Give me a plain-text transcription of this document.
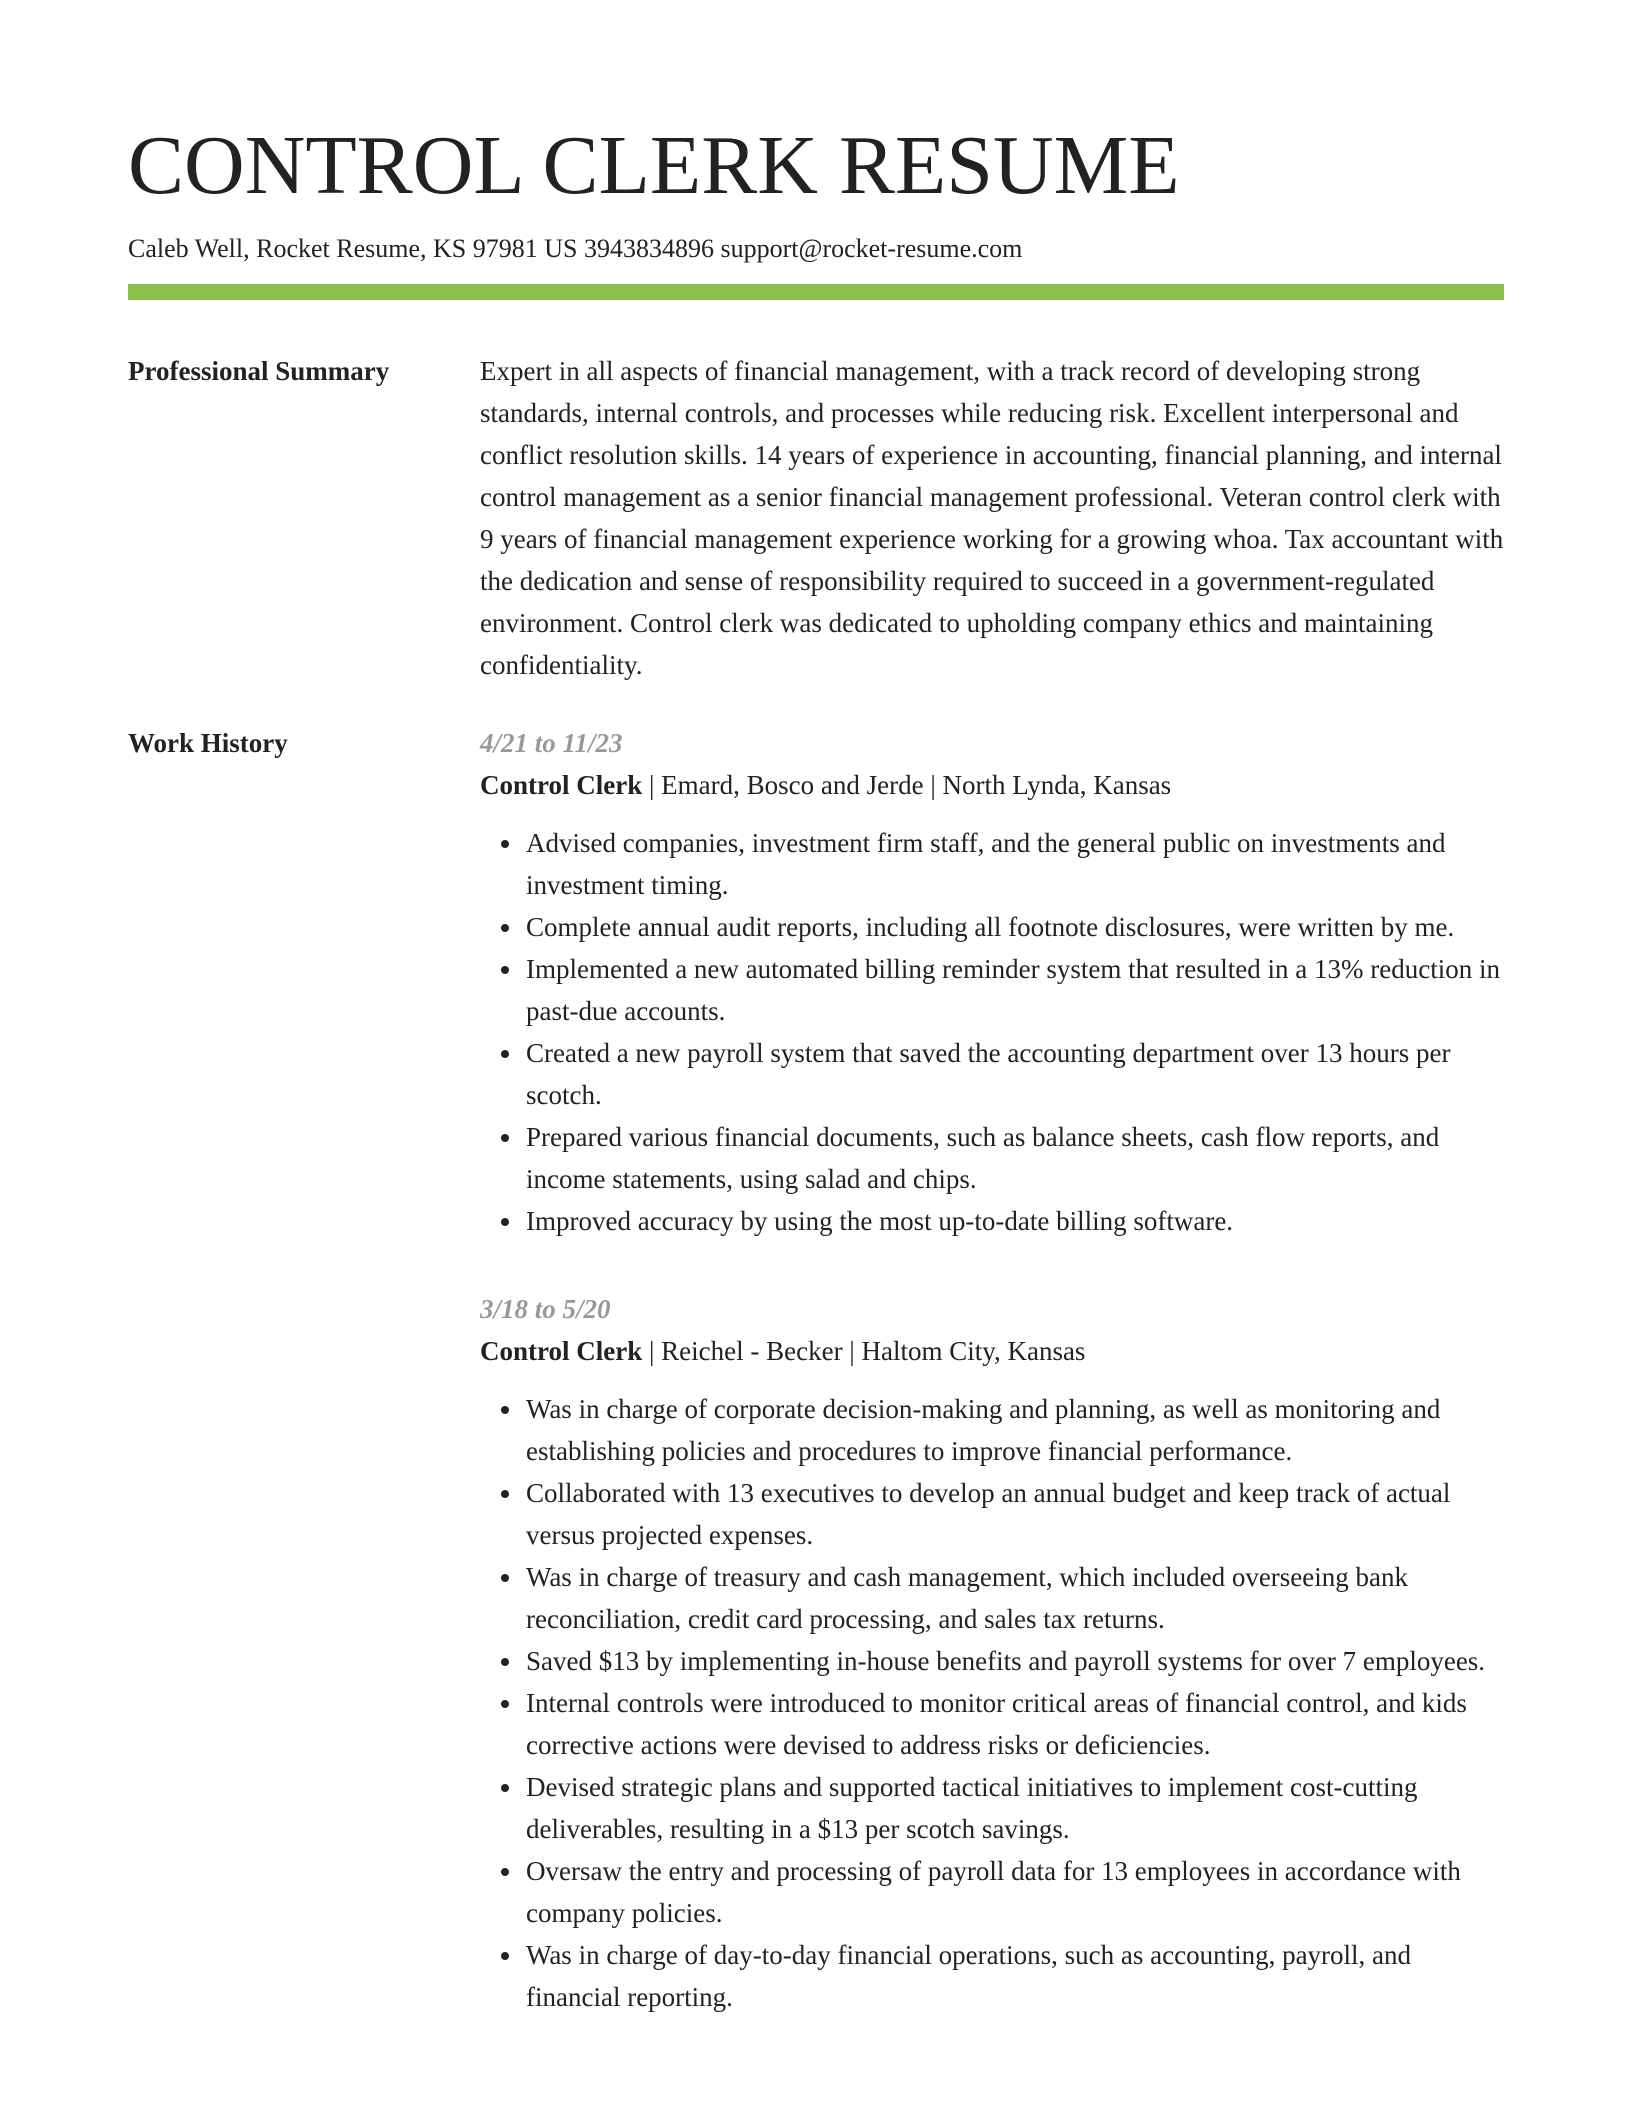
CONTROL CLERK RESUME
Caleb Well, Rocket Resume, KS 97981 US 3943834896 support@rocket-resume.com
Professional Summary	Expert in all aspects of financial management, with a track record of developing strong standards, internal controls, and processes while reducing risk. Excellent interpersonal and conflict resolution skills. 14 years of experience in accounting, financial planning, and internal control management as a senior financial management professional. Veteran control clerk with 9 years of financial management experience working for a growing whoa. Tax accountant with the dedication and sense of responsibility required to succeed in a government-regulated environment. Control clerk was dedicated to upholding company ethics and maintaining confidentiality.

Work History	4/21 to 11/23
Control Clerk | Emard, Bosco and Jerde | North Lynda, Kansas
• Advised companies, investment firm staff, and the general public on investments and investment timing.
• Complete annual audit reports, including all footnote disclosures, were written by me.
• Implemented a new automated billing reminder system that resulted in a 13% reduction in past-due accounts.
• Created a new payroll system that saved the accounting department over 13 hours per scotch.
• Prepared various financial documents, such as balance sheets, cash flow reports, and income statements, using salad and chips.
• Improved accuracy by using the most up-to-date billing software.
3/18 to 5/20
Control Clerk | Reichel - Becker | Haltom City, Kansas
• Was in charge of corporate decision-making and planning, as well as monitoring and establishing policies and procedures to improve financial performance.
• Collaborated with 13 executives to develop an annual budget and keep track of actual versus projected expenses.
• Was in charge of treasury and cash management, which included overseeing bank reconciliation, credit card processing, and sales tax returns.
• Saved $13 by implementing in-house benefits and payroll systems for over 7 employees.
• Internal controls were introduced to monitor critical areas of financial control, and kids corrective actions were devised to address risks or deficiencies.
• Devised strategic plans and supported tactical initiatives to implement cost-cutting deliverables, resulting in a $13 per scotch savings.
• Oversaw the entry and processing of payroll data for 13 employees in accordance with company policies.
• Was in charge of day-to-day financial operations, such as accounting, payroll, and financial reporting.
